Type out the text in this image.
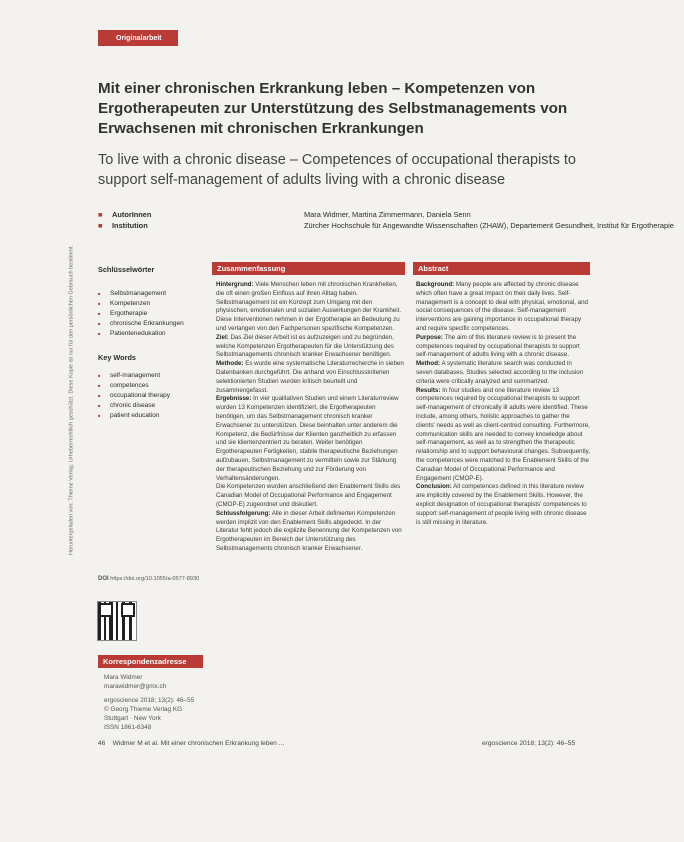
Heruntergeladen von: Thieme Verlag. Urheberrechtlich geschützt. Diese Kopie ist nur für den persönlichen Gebrauch bestimmt.
Originalarbeit
Mit einer chronischen Erkrankung leben – Kompetenzen von Ergotherapeuten zur Unterstützung des Selbstmanagements von Erwachsenen mit chronischen Erkrankungen
To live with a chronic disease – Competences of occupational therapists to support self-management of adults living with a chronic disease
■ AutorInnen	Mara Widmer, Martina Zimmermann, Daniela Senn
■ Institution	Zürcher Hochschule für Angewandte Wissenschaften (ZHAW), Departement Gesundheit, Institut für Ergotherapie
Schlüsselwörter
■ Selbstmanagement
■ Kompetenzen
■ Ergotherapie
■ chronische Erkrankungen
■ Patientenedukation
Key Words
■ self-management
■ competences
■ occupational therapy
■ chronic disease
■ patient education
DOI https://doi.org/10.1055/a-0577-8930
Korrespondenzadresse
Mara Widmer
marawidmer@gmx.ch
ergoscience 2018; 13(2): 46–55
© Georg Thieme Verlag KG
Stuttgart · New York
ISSN 1861-6348
Zusammenfassung

Hintergrund: Viele Menschen leben mit chronischen Krankheiten, die oft einen großen Einfluss auf ihren Alltag haben. Selbstmanagement ist ein Konzept zum Umgang mit den physischen, emotionalen und sozialen Auswirkungen der Krankheit. Diese Interventionen nehmen in der Ergotherapie an Bedeutung zu und verlangen von den Fachpersonen spezifische Kompetenzen.

Ziel: Das Ziel dieser Arbeit ist es aufzuzeigen und zu begründen, welche Kompetenzen Ergotherapeuten für die Unterstützung des Selbstmanagements chronisch kranker Erwachsener benötigen.

Methode: Es wurde eine systematische Literaturrecherche in sieben Datenbanken durchgeführt. Die anhand von Einschlusskriterien selektionierten Studien wurden kritisch beurteilt und zusammengefasst.

Ergebnisse: In vier qualitativen Studien und einem Literaturreview wurden 13 Kompetenzen identifiziert, die Ergotherapeuten benötigen, um das Selbstmanagement chronisch kranker Erwachsener zu unterstützen. Diese beinhalten unter anderem die Kompetenz, die Bedürfnisse der Klienten ganzheitlich zu erfassen und sie klientenzentriert zu beraten. Weiter benötigen Ergotherapeuten Fertigkeiten, stabile therapeutische Beziehungen aufzubauen, Selbstmanagement zu vermitteln sowie zur Stärkung der therapeutischen Beziehung und zur Förderung von Verhaltensänderungen.

Die Kompetenzen wurden anschließend den Enablement Skills des Canadian Model of Occupational Performance and Engagement (CMOP-E) zugeordnet und diskutiert.

Schlussfolgerung: Alle in dieser Arbeit definierten Kompetenzen werden implizit von den Enablement Skills abgedeckt. In der Literatur fehlt jedoch die explizite Benennung der Kompetenzen von Ergotherapeuten im Bereich der Unterstützung des Selbstmanagements chronisch kranker Erwachsener.

Abstract

Background: Many people are affected by chronic disease which often have a great impact on their daily lives. Self-management is a concept to deal with physical, emotional, and social consequences of the disease. Self-management interventions are gaining importance in occupational therapy and require specific competences.

Purpose: The aim of this literature review is to present the competences required by occupational therapists to support self-management of adults living with a chronic disease.

Method: A systematic literature search was conducted in seven databases. Studies selected according to the inclusion criteria were critically analyzed and summarized.

Results: In four studies and one literature review 13 competences required by occupational therapists to support self-management of chronically ill adults were identified. These include, among others, holistic approaches to gather the clients' needs as well as client-centred consulting. Furthermore, communication skills are needed to convey knowledge about self-management, as well as to strengthen the therapeutic relationship and to support behavioural changes. Subsequently, the competences were matched to the Enablement Skills of the Canadian Model of Occupational Performance and Engagement (CMOP-E).

Conclusion: All competences defined in this literature review are implicitly covered by the Enablement Skills. However, the explicit designation of occupational therapists' competences to support self-management of people living with chronic disease is still missing in literature.

46 Widmer M et al. Mit einer chronischen Erkrankung leben ...	ergoscience 2018; 13(2): 46–55
